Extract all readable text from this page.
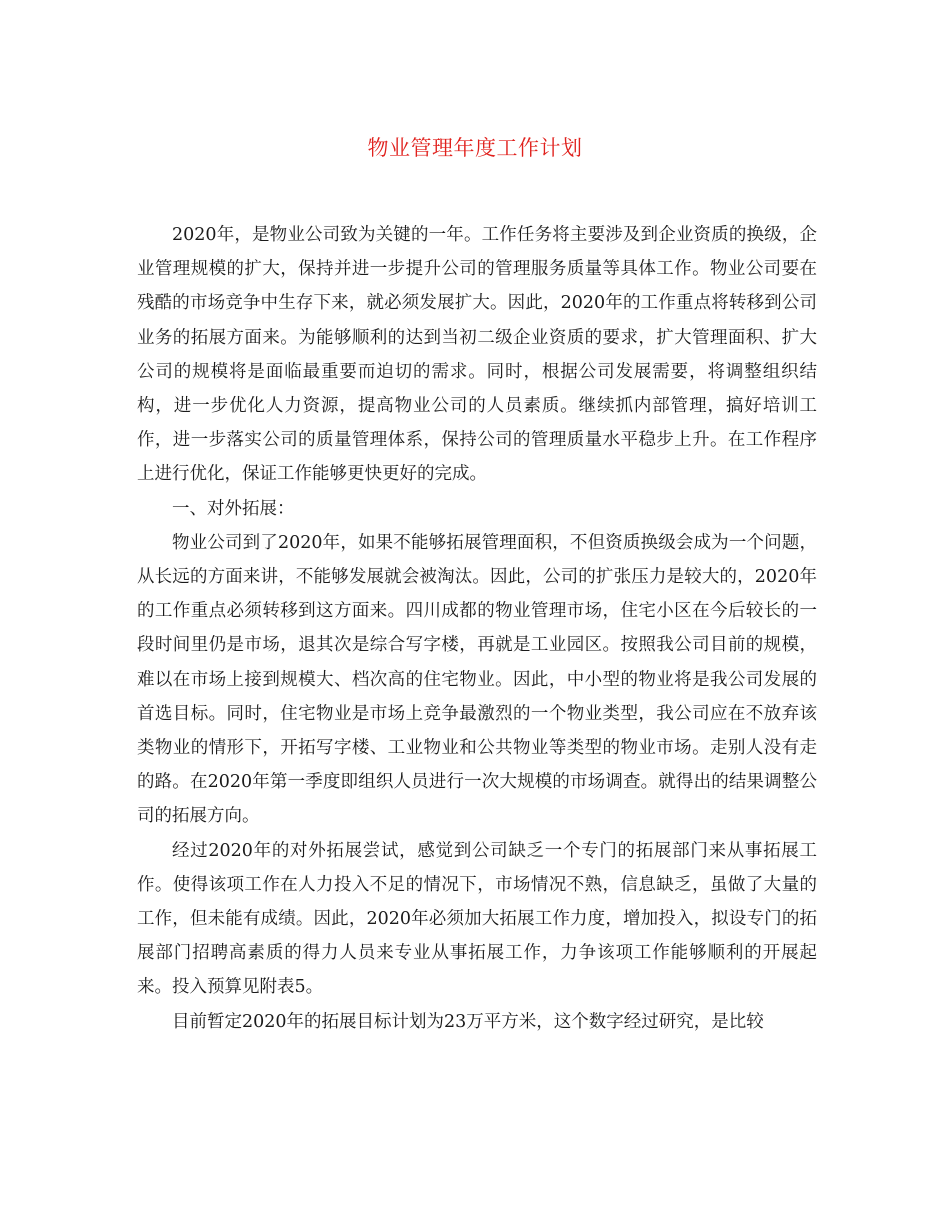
物业管理年度工作计划

2020年，是物业公司致为关键的一年。工作任务将主要涉及到企业资质的换级，企业管理规模的扩大，保持并进一步提升公司的管理服务质量等具体工作。物业公司要在残酷的市场竞争中生存下来，就必须发展扩大。因此，2020年的工作重点将转移到公司业务的拓展方面来。为能够顺利的达到当初二级企业资质的要求，扩大管理面积、扩大公司的规模将是面临最重要而迫切的需求。同时，根据公司发展需要，将调整组织结构，进一步优化人力资源，提高物业公司的人员素质。继续抓内部管理，搞好培训工作，进一步落实公司的质量管理体系，保持公司的管理质量水平稳步上升。在工作程序上进行优化，保证工作能够更快更好的完成。

一、对外拓展：

物业公司到了2020年，如果不能够拓展管理面积，不但资质换级会成为一个问题，从长远的方面来讲，不能够发展就会被淘汰。因此，公司的扩张压力是较大的，2020年的工作重点必须转移到这方面来。四川成都的物业管理市场，住宅小区在今后较长的一段时间里仍是市场，退其次是综合写字楼，再就是工业园区。按照我公司目前的规模，难以在市场上接到规模大、档次高的住宅物业。因此，中小型的物业将是我公司发展的首选目标。同时，住宅物业是市场上竞争最激烈的一个物业类型，我公司应在不放弃该类物业的情形下，开拓写字楼、工业物业和公共物业等类型的物业市场。走别人没有走的路。在2020年第一季度即组织人员进行一次大规模的市场调查。就得出的结果调整公司的拓展方向。

经过2020年的对外拓展尝试，感觉到公司缺乏一个专门的拓展部门来从事拓展工作。使得该项工作在人力投入不足的情况下，市场情况不熟，信息缺乏，虽做了大量的工作，但未能有成绩。因此，2020年必须加大拓展工作力度，增加投入，拟设专门的拓展部门招聘高素质的得力人员来专业从事拓展工作，力争该项工作能够顺利的开展起来。投入预算见附表5。

目前暂定2020年的拓展目标计划为23万平方米，这个数字经过研究，是比较
